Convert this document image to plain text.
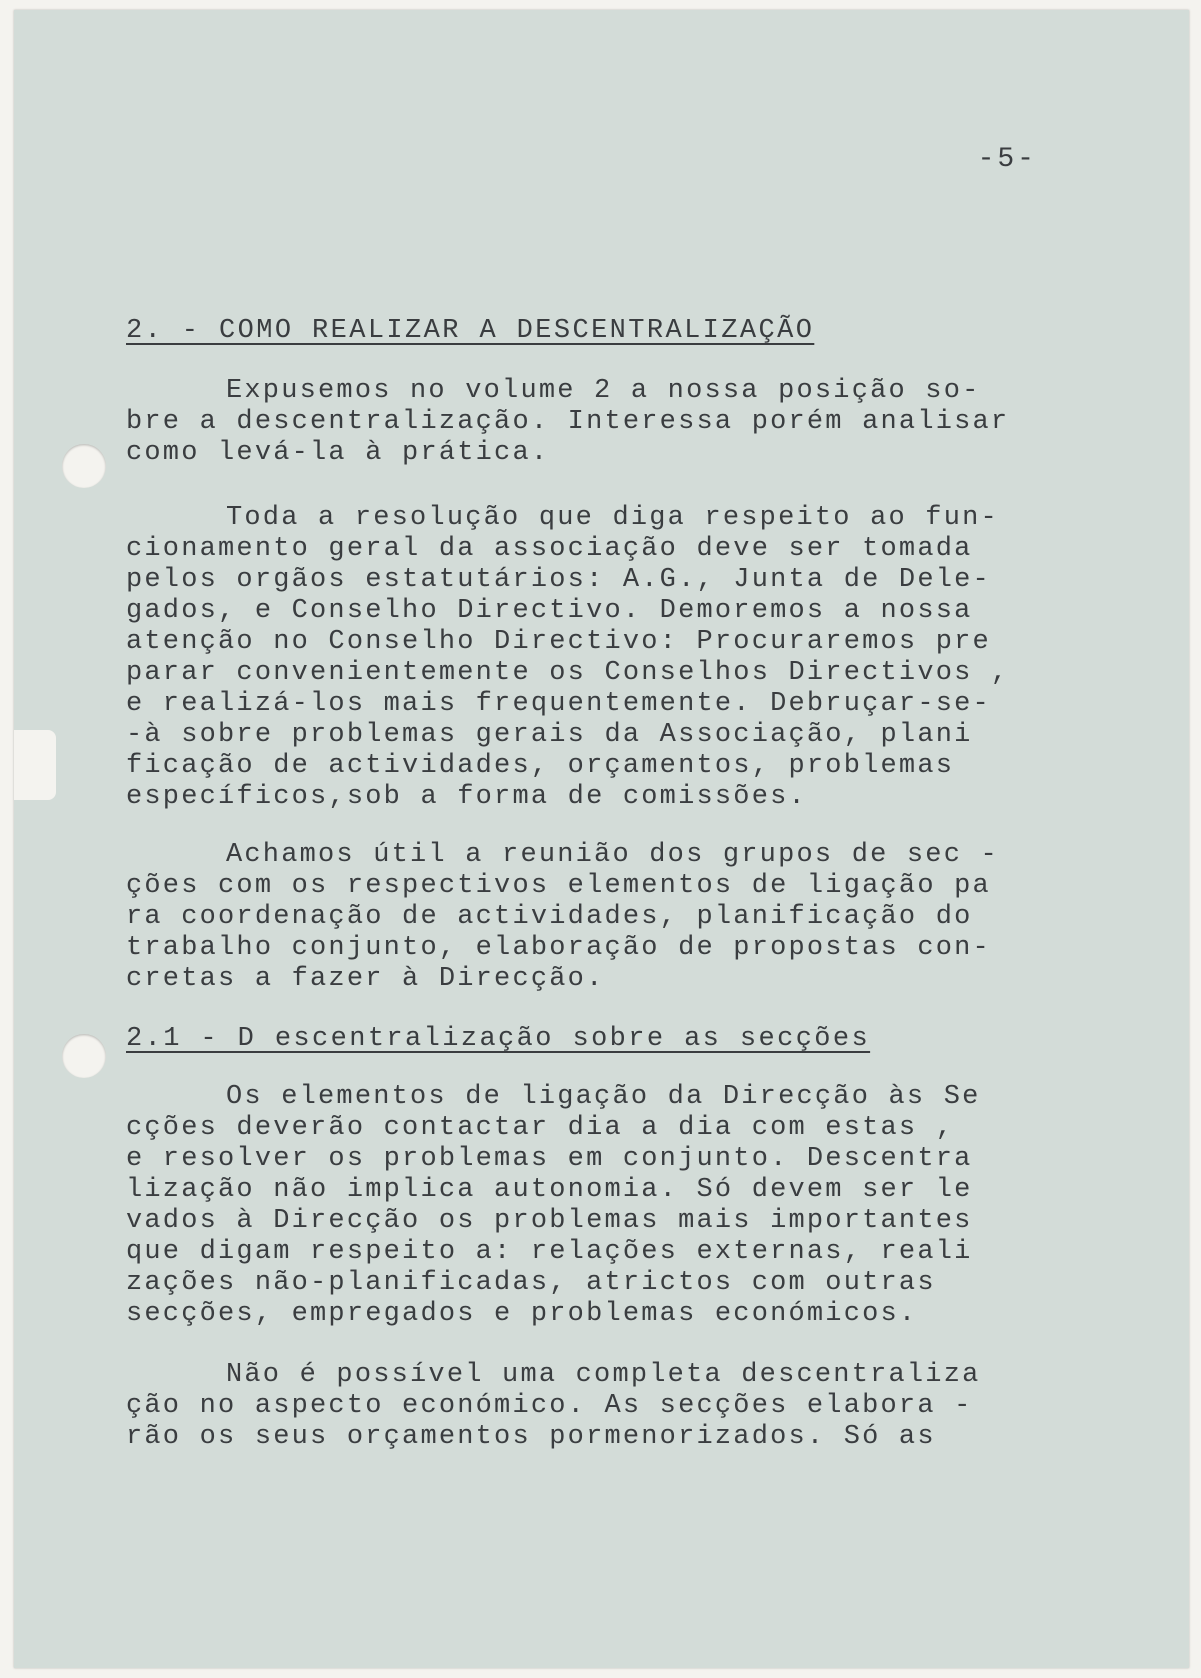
-5-
2. - COMO REALIZAR A DESCENTRALIZAÇÃO
Expusemos no volume 2 a nossa posição so-
bre a descentralização. Interessa porém analisar
como levá-la à prática.
Toda a resolução que diga respeito ao fun-
cionamento geral da associação deve ser tomada
pelos orgãos estatutários: A.G., Junta de Dele-
gados, e Conselho Directivo. Demoremos a nossa
atenção no Conselho Directivo: Procuraremos pre
parar convenientemente os Conselhos Directivos ,
e realizá-los mais frequentemente. Debruçar-se-
-à sobre problemas gerais da Associação, plani
ficação de actividades, orçamentos, problemas
específicos,sob a forma de comissões.
Achamos útil a reunião dos grupos de sec -
ções com os respectivos elementos de ligação pa
ra coordenação de actividades, planificação do
trabalho conjunto, elaboração de propostas con-
cretas a fazer à Direcção.
2.1 - D escentralização sobre as secções
Os elementos de ligação da Direcção às Se
cções deverão contactar dia a dia com estas ,
e resolver os problemas em conjunto. Descentra
lização não implica autonomia. Só devem ser le
vados à Direcção os problemas mais importantes
que digam respeito a: relações externas, reali
zações não-planificadas, atrictos com outras
secções, empregados e problemas económicos.
Não é possível uma completa descentraliza
ção no aspecto económico. As secções elabora -
rão os seus orçamentos pormenorizados. Só as
